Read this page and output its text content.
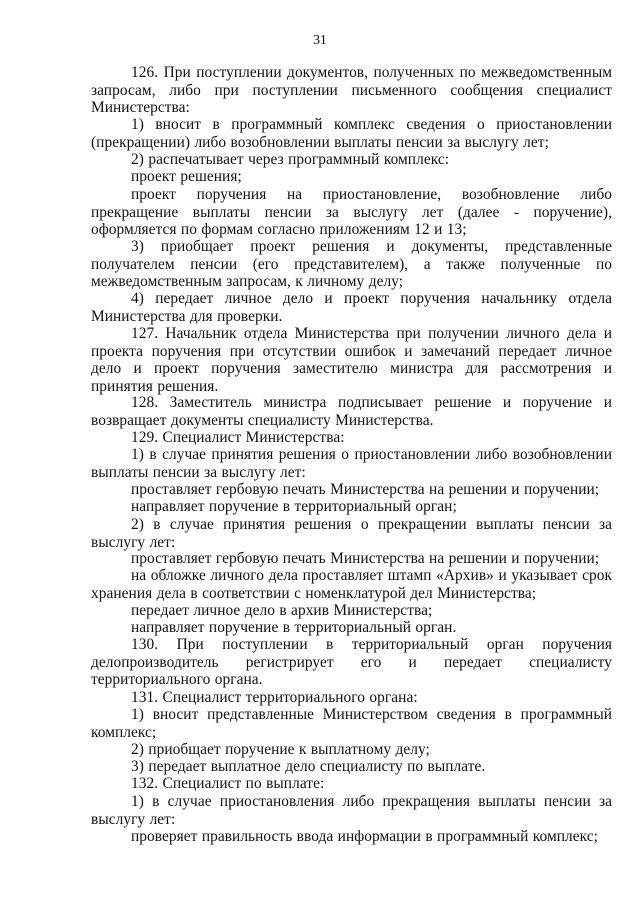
31
126. При поступлении документов, полученных по межведомственным запросам, либо при поступлении письменного сообщения специалист Министерства:
1) вносит в программный комплекс сведения о приостановлении (прекращении) либо возобновлении выплаты пенсии за выслугу лет;
2) распечатывает через программный комплекс:
проект решения;
проект поручения на приостановление, возобновление либо прекращение выплаты пенсии за выслугу лет (далее - поручение), оформляется по формам согласно приложениям 12 и 13;
3) приобщает проект решения и документы, представленные получателем пенсии (его представителем), а также полученные по межведомственным запросам, к личному делу;
4) передает личное дело и проект поручения начальнику отдела Министерства для проверки.
127. Начальник отдела Министерства при получении личного дела и проекта поручения при отсутствии ошибок и замечаний передает личное дело и проект поручения заместителю министра для рассмотрения и принятия решения.
128. Заместитель министра подписывает решение и поручение и возвращает документы специалисту Министерства.
129. Специалист Министерства:
1) в случае принятия решения о приостановлении либо возобновлении выплаты пенсии за выслугу лет:
проставляет гербовую печать Министерства на решении и поручении;
направляет поручение в территориальный орган;
2) в случае принятия решения о прекращении выплаты пенсии за выслугу лет:
проставляет гербовую печать Министерства на решении и поручении;
на обложке личного дела проставляет штамп «Архив» и указывает срок хранения дела в соответствии с номенклатурой дел Министерства;
передает личное дело в архив Министерства;
направляет поручение в территориальный орган.
130. При поступлении в территориальный орган поручения делопроизводитель регистрирует его и передает специалисту территориального органа.
131. Специалист территориального органа:
1) вносит представленные Министерством сведения в программный комплекс;
2) приобщает поручение к выплатному делу;
3) передает выплатное дело специалисту по выплате.
132. Специалист по выплате:
1) в случае приостановления либо прекращения выплаты пенсии за выслугу лет:
проверяет правильность ввода информации в программный комплекс;
